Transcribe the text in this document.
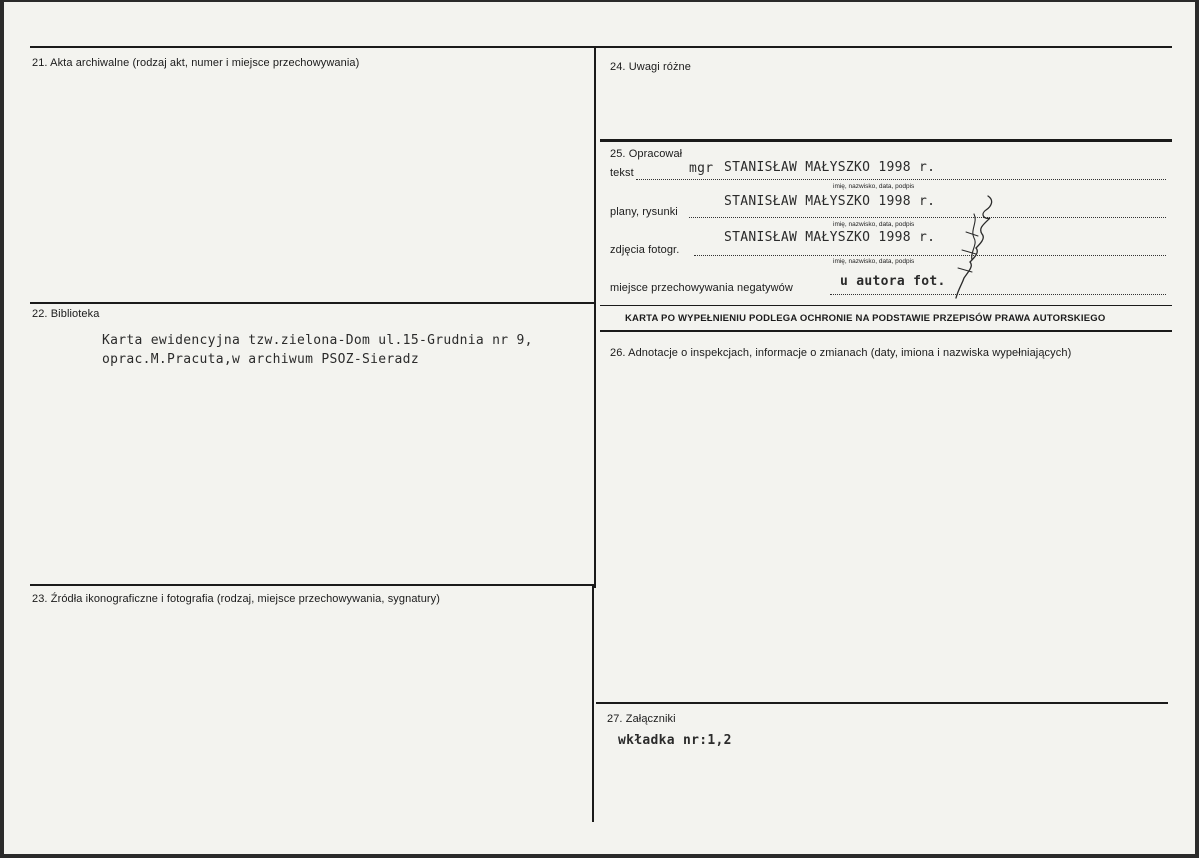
21. Akta archiwalne (rodzaj akt, numer i miejsce przechowywania)
22. Biblioteka
Karta ewidencyjna tzw.zielona-Dom ul.15-Grudnia nr 9,
oprac.M.Pracuta,w archiwum PSOZ-Sieradz
23. Źródła ikonograficzne i fotografia (rodzaj, miejsce przechowywania, sygnatury)
24. Uwagi różne
25. Opracował
tekst	mgr STANISŁAW MAŁYSZKO 1998 r.
imię, nazwisko, data, podpis
plany, rysunki
STANISŁAW MAŁYSZKO 1998 r.
imię, nazwisko, data, podpis
zdjęcia fotogr.
STANISŁAW MAŁYSZKO 1998 r.
imię, nazwisko, data, podpis
miejsce przechowywania negatywów	u autora fot.
KARTA PO WYPEŁNIENIU PODLEGA OCHRONIE NA PODSTAWIE PRZEPISÓW PRAWA AUTORSKIEGO
26. Adnotacje o inspekcjach, informacje o zmianach (daty, imiona i nazwiska wypełniających)
27. Załączniki
wkładka nr:1,2
